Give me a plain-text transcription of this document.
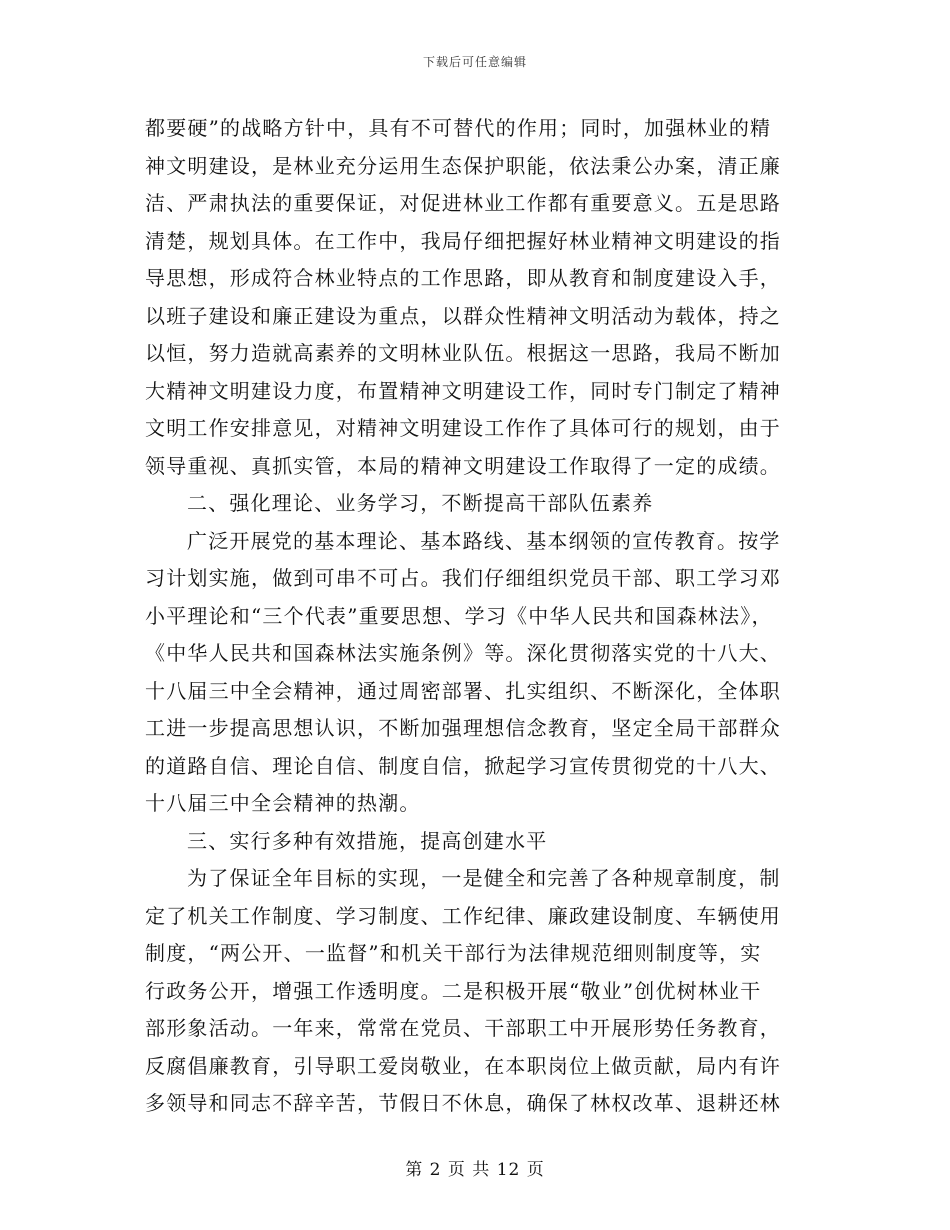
下载后可任意编辑
都要硬”的战略方针中，具有不可替代的作用；同时，加强林业的精
神文明建设，是林业充分运用生态保护职能，依法秉公办案，清正廉
洁、严肃执法的重要保证，对促进林业工作都有重要意义。五是思路
清楚，规划具体。在工作中，我局仔细把握好林业精神文明建设的指
导思想，形成符合林业特点的工作思路，即从教育和制度建设入手，
以班子建设和廉正建设为重点，以群众性精神文明活动为载体，持之
以恒，努力造就高素养的文明林业队伍。根据这一思路，我局不断加
大精神文明建设力度，布置精神文明建设工作，同时专门制定了精神
文明工作安排意见，对精神文明建设工作作了具体可行的规划，由于
领导重视、真抓实管，本局的精神文明建设工作取得了一定的成绩。
二、强化理论、业务学习，不断提高干部队伍素养
广泛开展党的基本理论、基本路线、基本纲领的宣传教育。按学
习计划实施，做到可串不可占。我们仔细组织党员干部、职工学习邓
小平理论和“三个代表”重要思想、学习《中华人民共和国森林法》，
《中华人民共和国森林法实施条例》等。深化贯彻落实党的十八大、
十八届三中全会精神，通过周密部署、扎实组织、不断深化，全体职
工进一步提高思想认识，不断加强理想信念教育，坚定全局干部群众
的道路自信、理论自信、制度自信，掀起学习宣传贯彻党的十八大、
十八届三中全会精神的热潮。
三、实行多种有效措施，提高创建水平
为了保证全年目标的实现，一是健全和完善了各种规章制度，制
定了机关工作制度、学习制度、工作纪律、廉政建设制度、车辆使用
制度，“两公开、一监督”和机关干部行为法律规范细则制度等，实
行政务公开，增强工作透明度。二是积极开展“敬业”创优树林业干
部形象活动。一年来，常常在党员、干部职工中开展形势任务教育，
反腐倡廉教育，引导职工爱岗敬业，在本职岗位上做贡献，局内有许
多领导和同志不辞辛苦，节假日不休息，确保了林权改革、退耕还林
第 2 页 共 12 页
